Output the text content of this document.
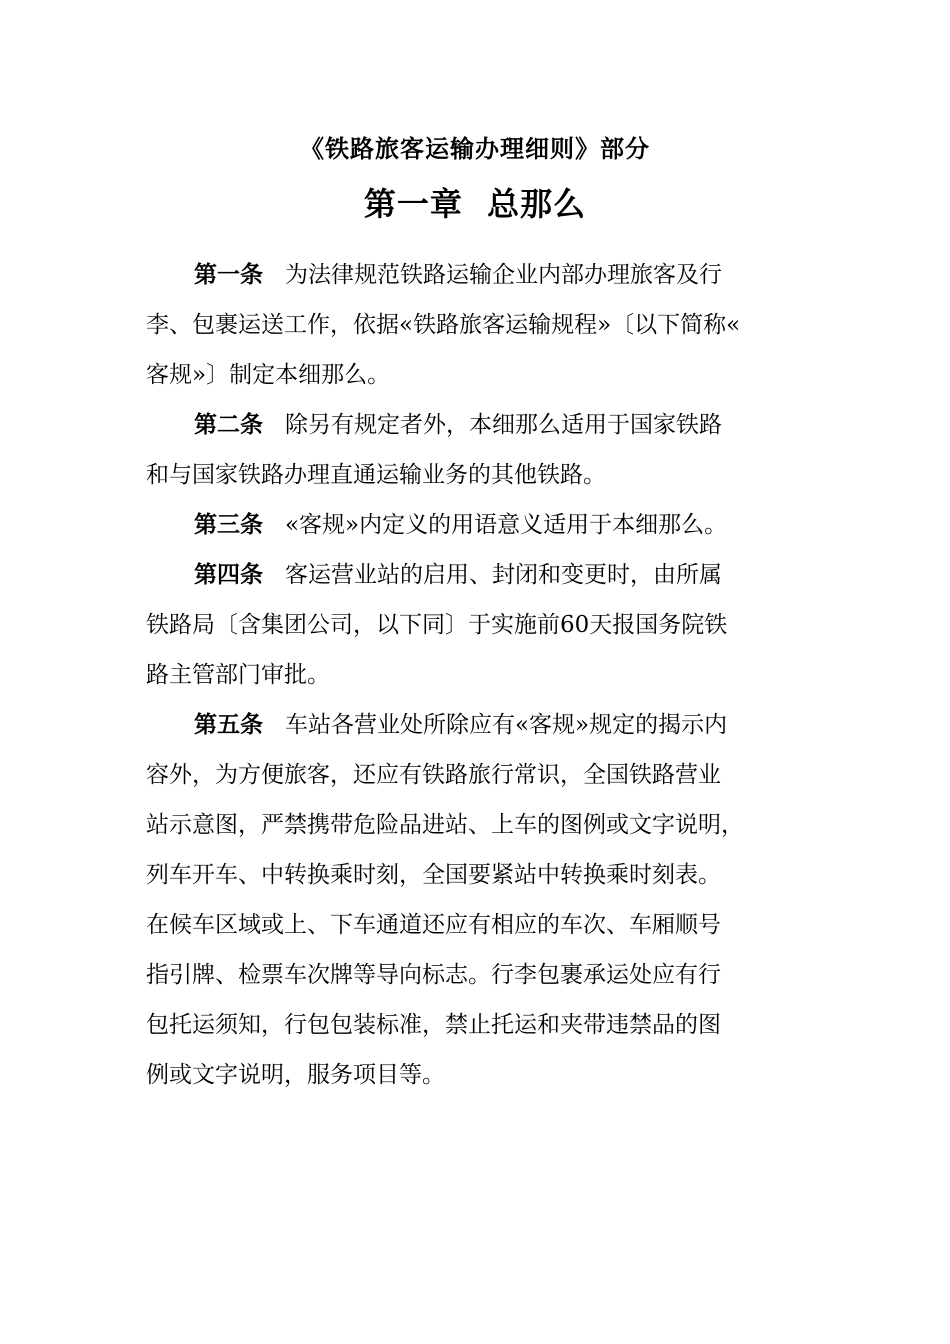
《铁路旅客运输办理细则》部分
第一章  总那么
第一条 为法律规范铁路运输企业内部办理旅客及行
李、包裹运送工作，依据«铁路旅客运输规程»〔以下简称«
客规»〕制定本细那么。
第二条 除另有规定者外，本细那么适用于国家铁路
和与国家铁路办理直通运输业务的其他铁路。
第三条 «客规»内定义的用语意义适用于本细那么。
第四条 客运营业站的启用、封闭和变更时，由所属
铁路局〔含集团公司，以下同〕于实施前60天报国务院铁
路主管部门审批。
第五条 车站各营业处所除应有«客规»规定的揭示内
容外，为方便旅客，还应有铁路旅行常识，全国铁路营业
站示意图，严禁携带危险品进站、上车的图例或文字说明，
列车开车、中转换乘时刻，全国要紧站中转换乘时刻表。
在候车区域或上、下车通道还应有相应的车次、车厢顺号
指引牌、检票车次牌等导向标志。行李包裹承运处应有行
包托运须知，行包包装标准，禁止托运和夹带违禁品的图
例或文字说明，服务项目等。
